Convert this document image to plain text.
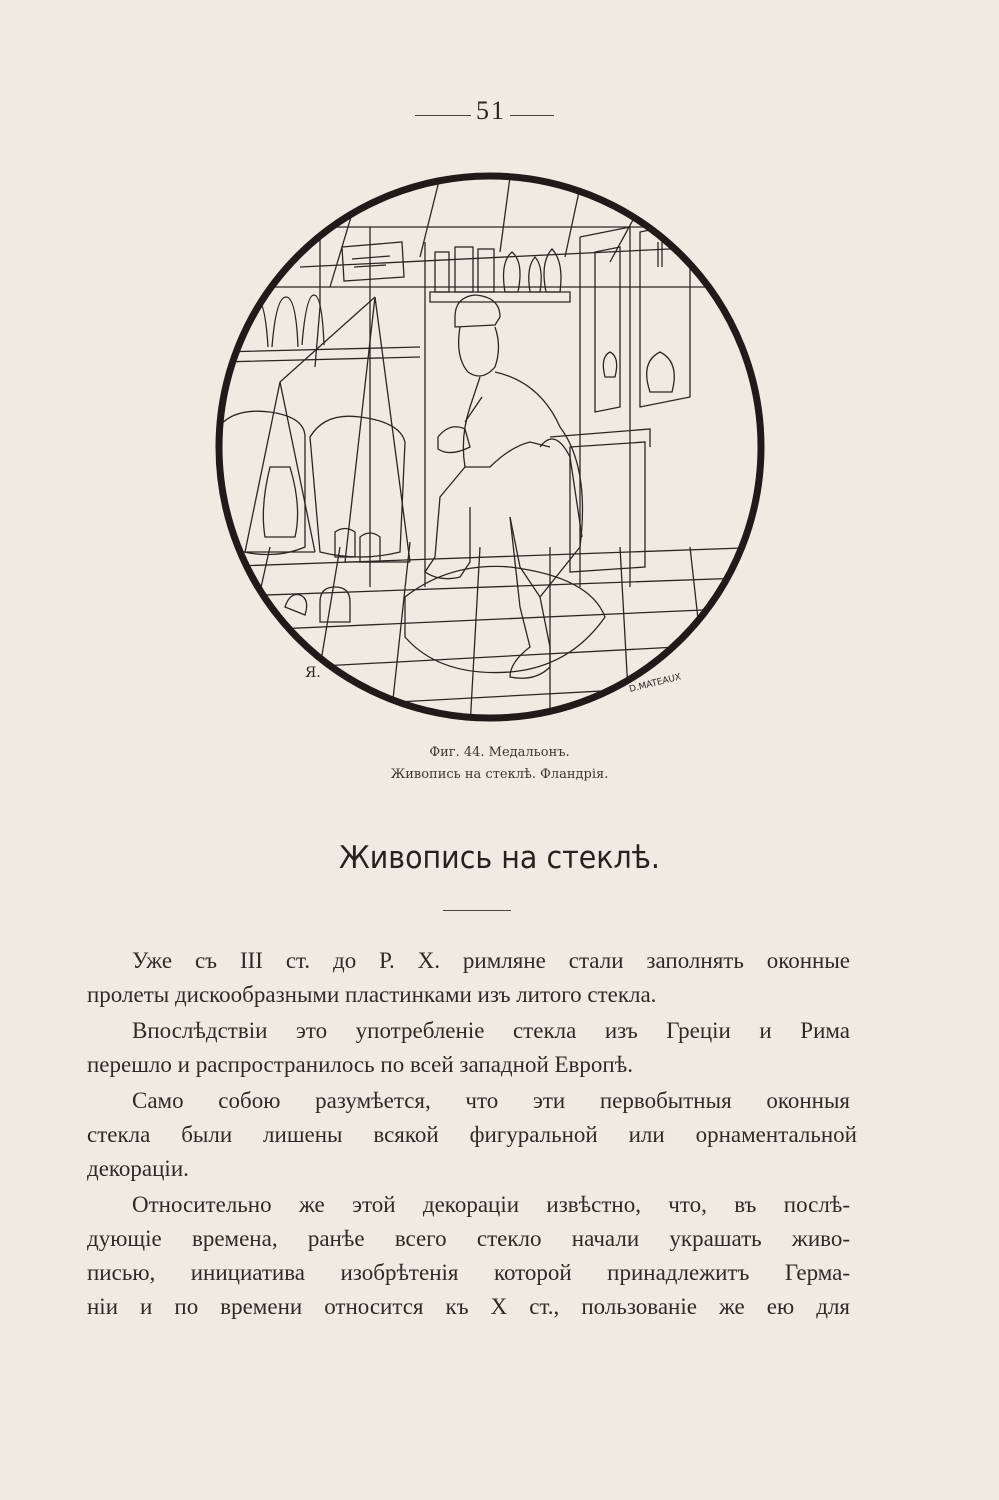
51
Я.	D.MATEAUX
Фиг. 44. Медальонъ.
Живопись на стеклѣ. Фландрія.
Живопись на стеклѣ.
Уже съ III ст. до Р. Х. римляне стали заполнять оконные
пролеты дискообразными пластинками изъ литого стекла.
Впослѣдствіи это употребленіе стекла изъ Греціи и Рима
перешло и распространилось по всей западной Европѣ.
Само собою разумѣется, что эти первобытныя оконныя
стекла были лишены всякой фигуральной или орнаментальной
декораціи.
Относительно же этой декораціи извѣстно, что, въ послѣ-
дующіе времена, ранѣе всего стекло начали украшать живо-
писью, инициатива изобрѣтенія которой принадлежитъ Герма-
ніи и по времени относится къ X ст., пользованіе же ею для
